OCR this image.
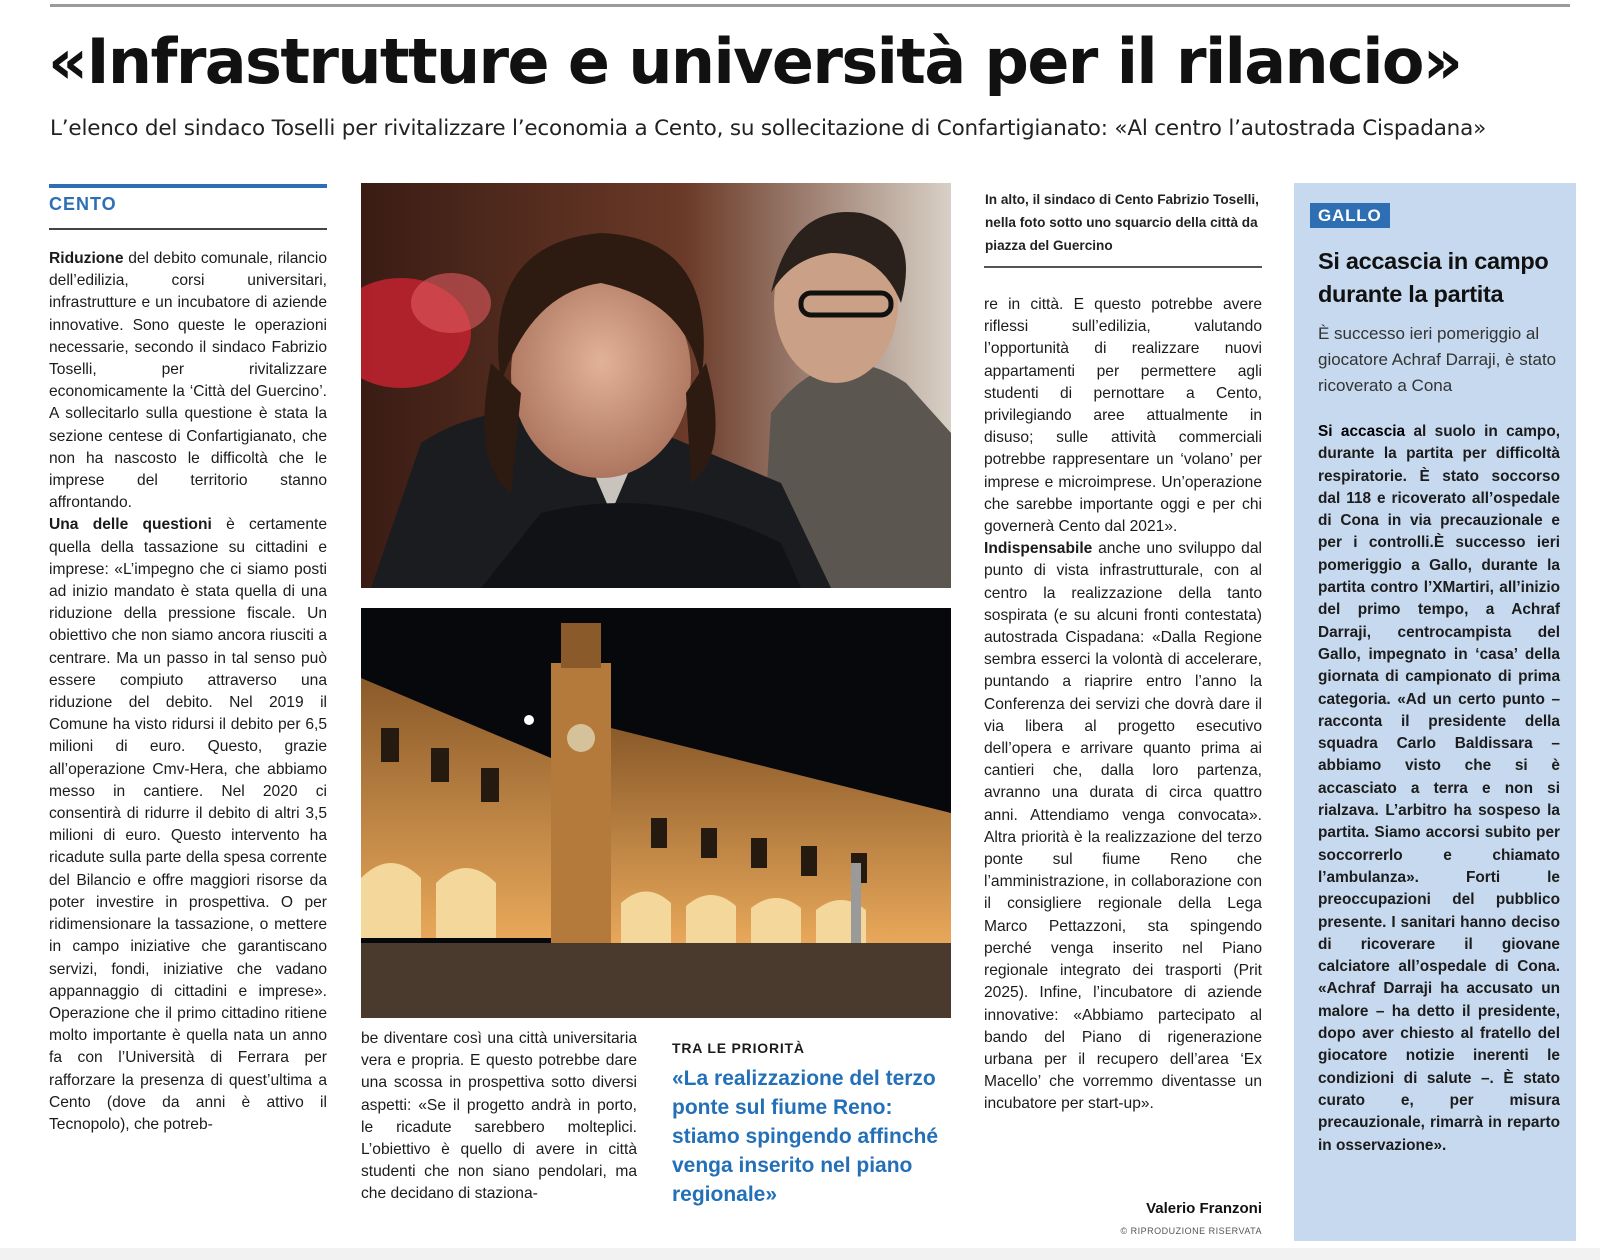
«Infrastrutture e università per il rilancio»

L’elenco del sindaco Toselli per rivitalizzare l’economia a Cento, su sollecitazione di Confartigianato: «Al centro l’autostrada Cispadana»

CENTO

Riduzione del debito comunale, rilancio dell’edilizia, corsi universitari, infrastrutture e un incubatore di aziende innovative. Sono queste le operazioni necessarie, secondo il sindaco Fabrizio Toselli, per rivitalizzare economicamente la ‘Città del Guercino’. A sollecitarlo sulla questione è stata la sezione centese di Confartigianato, che non ha nascosto le difficoltà che le imprese del territorio stanno affrontando.

Una delle questioni è certamente quella della tassazione su cittadini e imprese: «L’impegno che ci siamo posti ad inizio mandato è stata quella di una riduzione della pressione fiscale. Un obiettivo che non siamo ancora riusciti a centrare. Ma un passo in tal senso può essere compiuto attraverso una riduzione del debito. Nel 2019 il Comune ha visto ridursi il debito per 6,5 milioni di euro. Questo, grazie all’operazione Cmv-Hera, che abbiamo messo in cantiere. Nel 2020 ci consentirà di ridurre il debito di altri 3,5 milioni di euro. Questo intervento ha ricadute sulla parte della spesa corrente del Bilancio e offre maggiori risorse da poter investire in prospettiva. O per ridimensionare la tassazione, o mettere in campo iniziative che garantiscano servizi, fondi, iniziative che vadano appannaggio di cittadini e imprese». Operazione che il primo cittadino ritiene molto importante è quella nata un anno fa con l’Università di Ferrara per rafforzare la presenza di quest’ultima a Cento (dove da anni è attivo il Tecnopolo), che potreb-

be diventare così una città universitaria vera e propria. E questo potrebbe dare una scossa in prospettiva sotto diversi aspetti: «Se il progetto andrà in porto, le ricadute sarebbero molteplici. L’obiettivo è quello di avere in città studenti che non siano pendolari, ma che decidano di staziona-

TRA LE PRIORITÀ
«La realizzazione del terzo ponte sul fiume Reno: stiamo spingendo affinché venga inserito nel piano regionale»
In alto, il sindaco di Cento Fabrizio Toselli, nella foto sotto uno squarcio della città da piazza del Guercino

re in città. E questo potrebbe avere riflessi sull’edilizia, valutando l’opportunità di realizzare nuovi appartamenti per permettere agli studenti di pernottare a Cento, privilegiando aree attualmente in disuso; sulle attività commerciali potrebbe rappresentare un ‘volano’ per imprese e microimprese. Un’operazione che sarebbe importante oggi e per chi governerà Cento dal 2021».

Indispensabile anche uno sviluppo dal punto di vista infrastrutturale, con al centro la realizzazione della tanto sospirata (e su alcuni fronti contestata) autostrada Cispadana: «Dalla Regione sembra esserci la volontà di accelerare, puntando a riaprire entro l’anno la Conferenza dei servizi che dovrà dare il via libera al progetto esecutivo dell’opera e arrivare quanto prima ai cantieri che, dalla loro partenza, avranno una durata di circa quattro anni. Attendiamo venga convocata». Altra priorità è la realizzazione del terzo ponte sul fiume Reno che l’amministrazione, in collaborazione con il consigliere regionale della Lega Marco Pettazzoni, sta spingendo perché venga inserito nel Piano regionale integrato dei trasporti (Prit 2025). Infine, l’incubatore di aziende innovative: «Abbiamo partecipato al bando del Piano di rigenerazione urbana per il recupero dell’area ‘Ex Macello’ che vorremmo diventasse un incubatore per start-up».

Valerio Franzoni
© RIPRODUZIONE RISERVATA
GALLO
Si accascia in campo durante la partita
È successo ieri pomeriggio al giocatore Achraf Darraji, è stato ricoverato a Cona

Si accascia al suolo in campo, durante la partita per difficoltà respiratorie. È stato soccorso dal 118 e ricoverato all’ospedale di Cona in via precauzionale e per i controlli.È successo ieri pomeriggio a Gallo, durante la partita contro l’XMartiri, all’inizio del primo tempo, a Achraf Darraji, centrocampista del Gallo, impegnato in ‘casa’ della giornata di campionato di prima categoria. «Ad un certo punto – racconta il presidente della squadra Carlo Baldissara – abbiamo visto che si è accasciato a terra e non si rialzava. L’arbitro ha sospeso la partita. Siamo accorsi subito per soccorrerlo e chiamato l’ambulanza». Forti le preoccupazioni del pubblico presente. I sanitari hanno deciso di ricoverare il giovane calciatore all’ospedale di Cona. «Achraf Darraji ha accusato un malore – ha detto il presidente, dopo aver chiesto al fratello del giocatore notizie inerenti le condizioni di salute –. È stato curato e, per misura precauzionale, rimarrà in reparto in osservazione».
